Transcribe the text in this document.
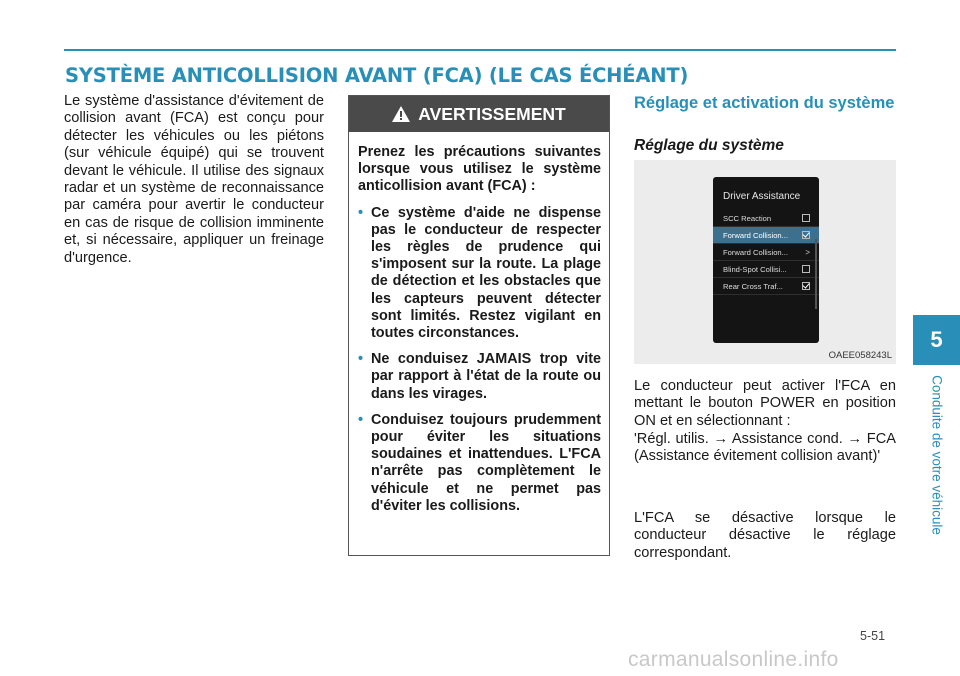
SYSTÈME ANTICOLLISION AVANT (FCA) (LE CAS ÉCHÉANT)

Le système d'assistance d'évitement de collision avant (FCA) est conçu pour détecter les véhicules ou les piétons (sur véhicule équipé) qui se trouvent devant le véhicule. Il utilise des signaux radar et un système de reconnaissance par caméra pour avertir le conducteur en cas de risque de collision imminente et, si nécessaire, appliquer un freinage d'urgence.

AVERTISSEMENT

Prenez les précautions suivantes lorsque vous utilisez le système anticollision avant (FCA) :

• Ce système d'aide ne dispense pas le conducteur de respecter les règles de prudence qui s'imposent sur la route. La plage de détection et les obstacles que les capteurs peuvent détecter sont limités. Restez vigilant en toutes circonstances.
• Ne conduisez JAMAIS trop vite par rapport à l'état de la route ou dans les virages.
• Conduisez toujours prudemment pour éviter les situations soudaines et inattendues. L'FCA n'arrête pas complètement le véhicule et ne permet pas d'éviter les collisions.
Réglage et activation du système
Réglage du système
Driver Assistance
SCC Reaction
Forward Collision...
Forward Collision... >
Blind-Spot Collisi...
Rear Cross Traf...
OAEE058243L

Le conducteur peut activer l'FCA en mettant le bouton POWER en position ON et en sélectionnant :

'Régl. utilis. → Assistance cond. → FCA (Assistance évitement collision avant)'

L'FCA se désactive lorsque le conducteur désactive le réglage correspondant.

5
Conduite de votre véhicule
5-51
carmanualsonline.info
